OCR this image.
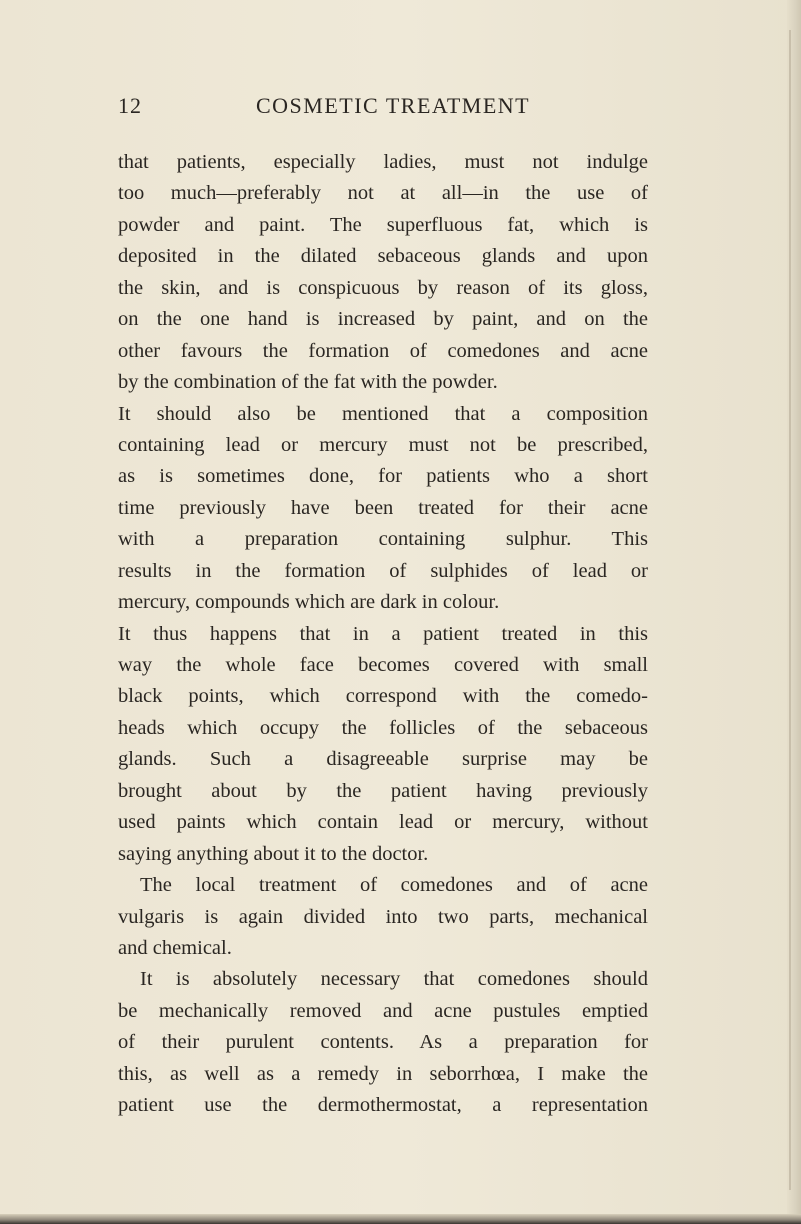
12	COSMETIC TREATMENT
that patients, especially ladies, must not indulge
too much—preferably not at all—in the use of
powder and paint. The superfluous fat, which is
deposited in the dilated sebaceous glands and upon
the skin, and is conspicuous by reason of its gloss,
on the one hand is increased by paint, and on the
other favours the formation of comedones and acne
by the combination of the fat with the powder.
It should also be mentioned that a composition
containing lead or mercury must not be prescribed,
as is sometimes done, for patients who a short
time previously have been treated for their acne
with a preparation containing sulphur. This
results in the formation of sulphides of lead or
mercury, compounds which are dark in colour.
It thus happens that in a patient treated in this
way the whole face becomes covered with small
black points, which correspond with the comedo-
heads which occupy the follicles of the sebaceous
glands. Such a disagreeable surprise may be
brought about by the patient having previously
used paints which contain lead or mercury, without
saying anything about it to the doctor.
The local treatment of comedones and of acne
vulgaris is again divided into two parts, mechanical
and chemical.
It is absolutely necessary that comedones should
be mechanically removed and acne pustules emptied
of their purulent contents. As a preparation for
this, as well as a remedy in seborrhœa, I make the
patient use the dermothermostat, a representation
